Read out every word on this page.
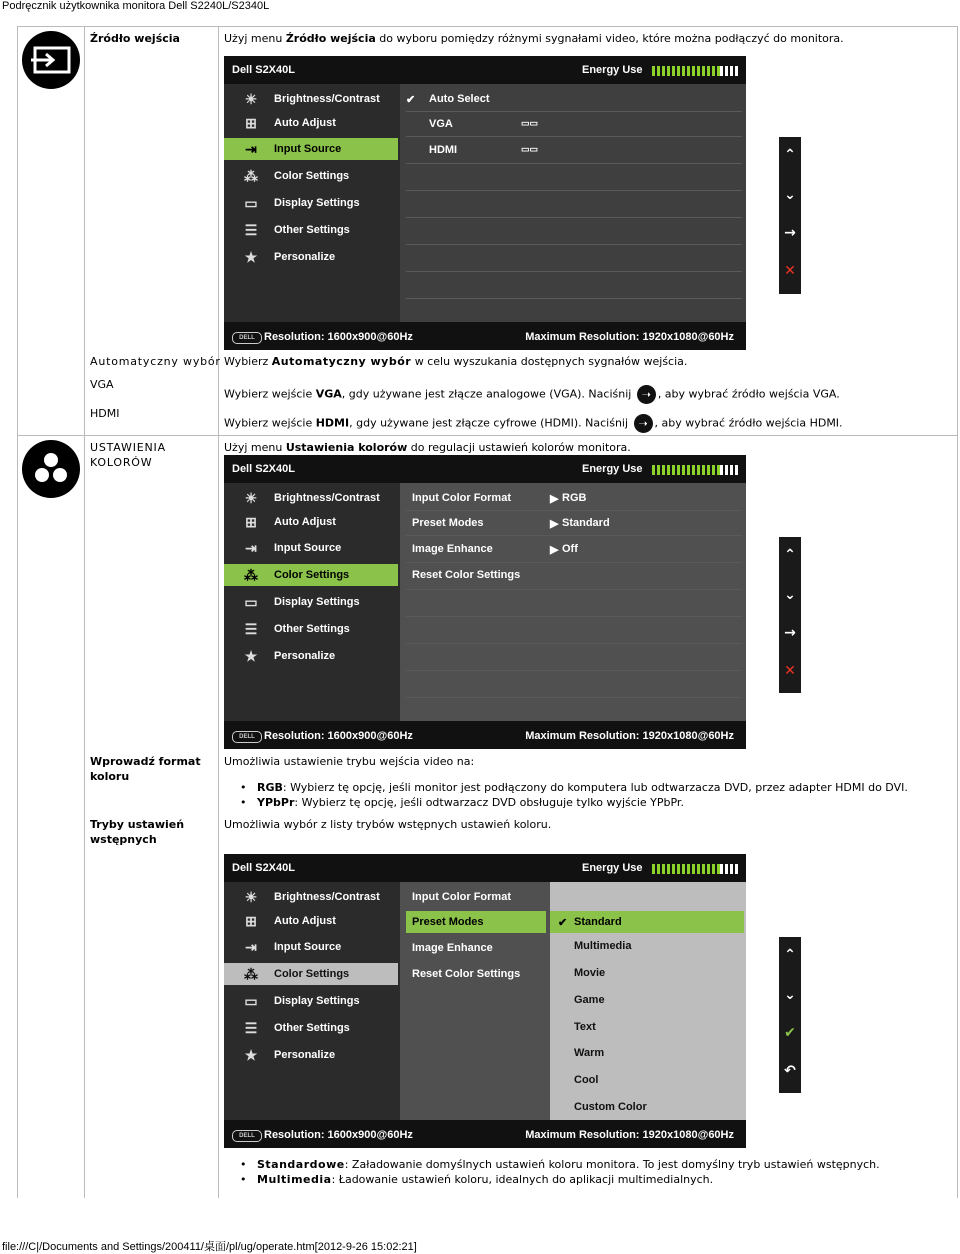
Podręcznik użytkownika monitora Dell S2240L/S2340L
file:///C|/Documents and Settings/200411/桌面/pl/ug/operate.htm[2012-9-26 15:02:21]
Źródło wejścia	Użyj menu Źródło wejścia do wyboru pomiędzy różnymi sygnałami video, które można podłączyć do monitora.
Dell S2X40L	Energy Use
☀ Brightness/Contrast
⊞ Auto Adjust
⇥ Input Source
⁂ Color Settings
▭ Display Settings
☰ Other Settings
★ Personalize
✔ Auto Select
VGA	▭▭
HDMI	▭▭
DELL Resolution: 1600x900@60Hz	Maximum Resolution: 1920x1080@60Hz
⌃
⌄
→
✕
Automatyczny wybór Wybierz Automatyczny wybór w celu wyszukania dostępnych sygnałów wejścia.
VGA
Wybierz wejście VGA, gdy używane jest złącze analogowe (VGA). Naciśnij ➝ , aby wybrać źródło wejścia VGA.
HDMI
Wybierz wejście HDMI, gdy używane jest złącze cyfrowe (HDMI). Naciśnij ➝ , aby wybrać źródło wejścia HDMI.
USTAWIENIA
KOLORÓW
Użyj menu Ustawienia kolorów do regulacji ustawień kolorów monitora.
Dell S2X40L	Energy Use
☀ Brightness/Contrast
⊞ Auto Adjust
⇥ Input Source
⁂ Color Settings
▭ Display Settings
☰ Other Settings
★ Personalize
Input Color Format	▶ RGB
Preset Modes	▶ Standard
Image Enhance	▶ Off
Reset Color Settings
DELL Resolution: 1600x900@60Hz	Maximum Resolution: 1920x1080@60Hz
⌃
⌄
→
✕
Wprowadź format koloru
Umożliwia ustawienie trybu wejścia video na:
• RGB: Wybierz tę opcję, jeśli monitor jest podłączony do komputera lub odtwarzacza DVD, przez adapter HDMI do DVI.
• YPbPr: Wybierz tę opcję, jeśli odtwarzacz DVD obsługuje tylko wyjście YPbPr.
Tryby ustawień wstępnych
Umożliwia wybór z listy trybów wstępnych ustawień koloru.
Dell S2X40L	Energy Use
☀ Brightness/Contrast
⊞ Auto Adjust
⇥ Input Source
⁂ Color Settings
▭ Display Settings
☰ Other Settings
★ Personalize
Input Color Format
Preset Modes
Image Enhance
Reset Color Settings
✔ Standard
Multimedia
Movie
Game
Text
Warm
Cool
Custom Color
DELL Resolution: 1600x900@60Hz	Maximum Resolution: 1920x1080@60Hz
⌃
⌄
✔
↶
• Standardowe: Załadowanie domyślnych ustawień koloru monitora. To jest domyślny tryb ustawień wstępnych.
• Multimedia: Ładowanie ustawień koloru, idealnych do aplikacji multimedialnych.
